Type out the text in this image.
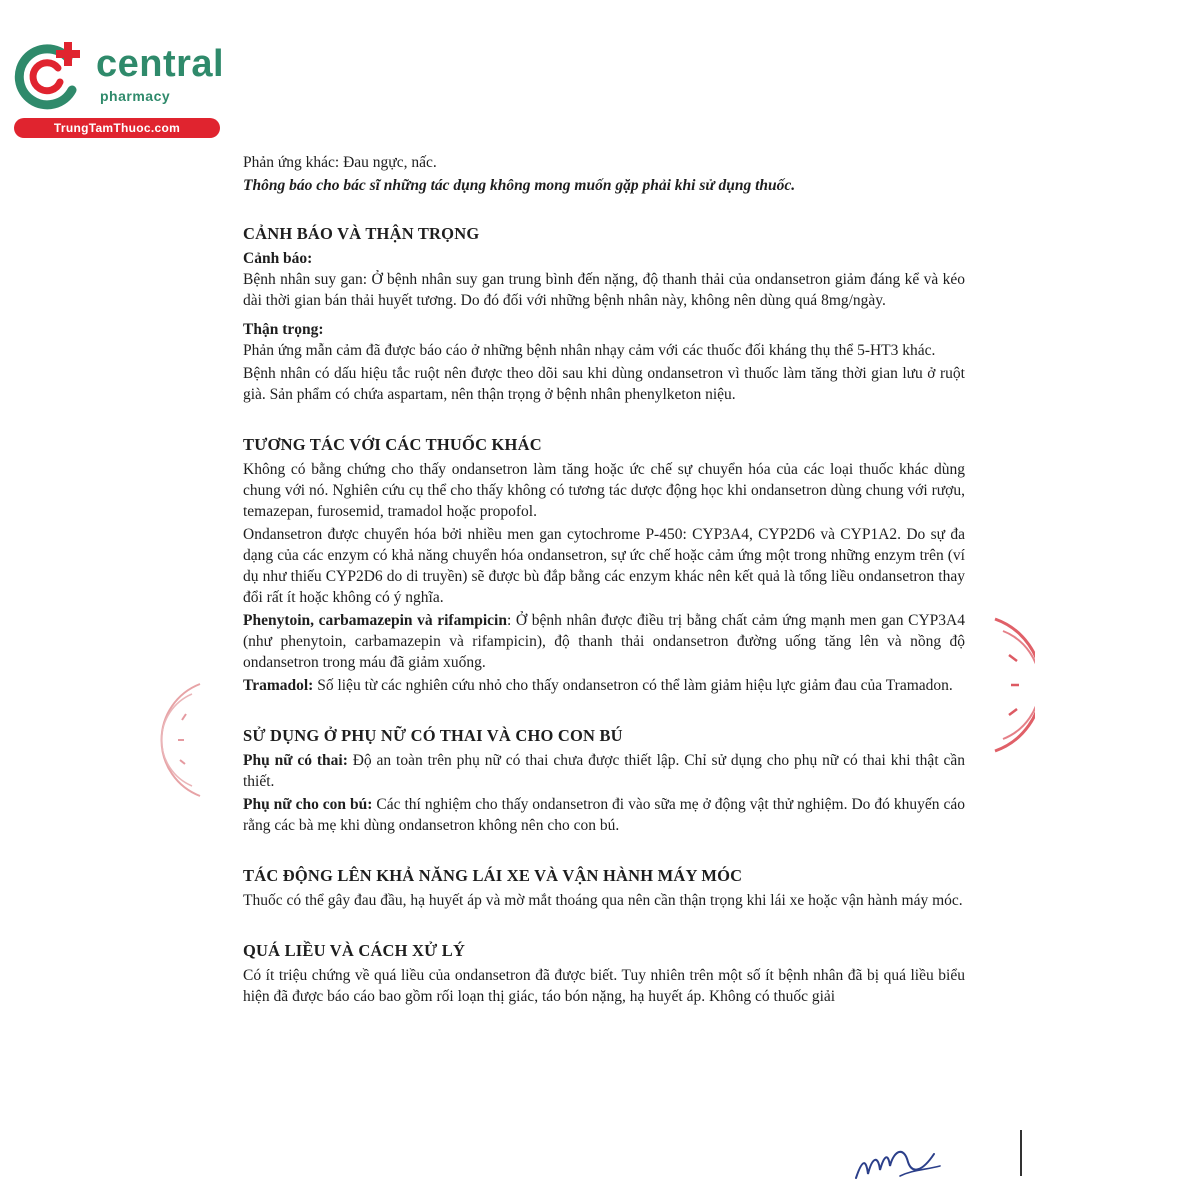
central
pharmacy
TrungTamThuoc.com

Phản ứng khác: Đau ngực, nấc.

Thông báo cho bác sĩ những tác dụng không mong muốn gặp phải khi sử dụng thuốc.

CẢNH BÁO VÀ THẬN TRỌNG
Cảnh báo:

Bệnh nhân suy gan: Ở bệnh nhân suy gan trung bình đến nặng, độ thanh thải của ondansetron giảm đáng kể và kéo dài thời gian bán thải huyết tương. Do đó đối với những bệnh nhân này, không nên dùng quá 8mg/ngày.

Thận trọng:

Phản ứng mẫn cảm đã được báo cáo ở những bệnh nhân nhạy cảm với các thuốc đối kháng thụ thể 5-HT3 khác.

Bệnh nhân có dấu hiệu tắc ruột nên được theo dõi sau khi dùng ondansetron vì thuốc làm tăng thời gian lưu ở ruột già. Sản phẩm có chứa aspartam, nên thận trọng ở bệnh nhân phenylketon niệu.

TƯƠNG TÁC VỚI CÁC THUỐC KHÁC

Không có bằng chứng cho thấy ondansetron làm tăng hoặc ức chế sự chuyển hóa của các loại thuốc khác dùng chung với nó. Nghiên cứu cụ thể cho thấy không có tương tác dược động học khi ondansetron dùng chung với rượu, temazepan, furosemid, tramadol hoặc propofol.

Ondansetron được chuyển hóa bởi nhiều men gan cytochrome P-450: CYP3A4, CYP2D6 và CYP1A2. Do sự đa dạng của các enzym có khả năng chuyển hóa ondansetron, sự ức chế hoặc cảm ứng một trong những enzym trên (ví dụ như thiếu CYP2D6 do di truyền) sẽ được bù đắp bằng các enzym khác nên kết quả là tổng liều ondansetron thay đổi rất ít hoặc không có ý nghĩa.

Phenytoin, carbamazepin và rifampicin: Ở bệnh nhân được điều trị bằng chất cảm ứng mạnh men gan CYP3A4 (như phenytoin, carbamazepin và rifampicin), độ thanh thải ondansetron đường uống tăng lên và nồng độ ondansetron trong máu đã giảm xuống.

Tramadol: Số liệu từ các nghiên cứu nhỏ cho thấy ondansetron có thể làm giảm hiệu lực giảm đau của Tramadon.

SỬ DỤNG Ở PHỤ NỮ CÓ THAI VÀ CHO CON BÚ

Phụ nữ có thai: Độ an toàn trên phụ nữ có thai chưa được thiết lập. Chỉ sử dụng cho phụ nữ có thai khi thật cần thiết.

Phụ nữ cho con bú: Các thí nghiệm cho thấy ondansetron đi vào sữa mẹ ở động vật thử nghiệm. Do đó khuyến cáo rằng các bà mẹ khi dùng ondansetron không nên cho con bú.

TÁC ĐỘNG LÊN KHẢ NĂNG LÁI XE VÀ VẬN HÀNH MÁY MÓC

Thuốc có thể gây đau đầu, hạ huyết áp và mờ mắt thoáng qua nên cần thận trọng khi lái xe hoặc vận hành máy móc.

QUÁ LIỀU VÀ CÁCH XỬ LÝ

Có ít triệu chứng về quá liều của ondansetron đã được biết. Tuy nhiên trên một số ít bệnh nhân đã bị quá liều biểu hiện đã được báo cáo bao gồm rối loạn thị giác, táo bón nặng, hạ huyết áp. Không có thuốc giải
